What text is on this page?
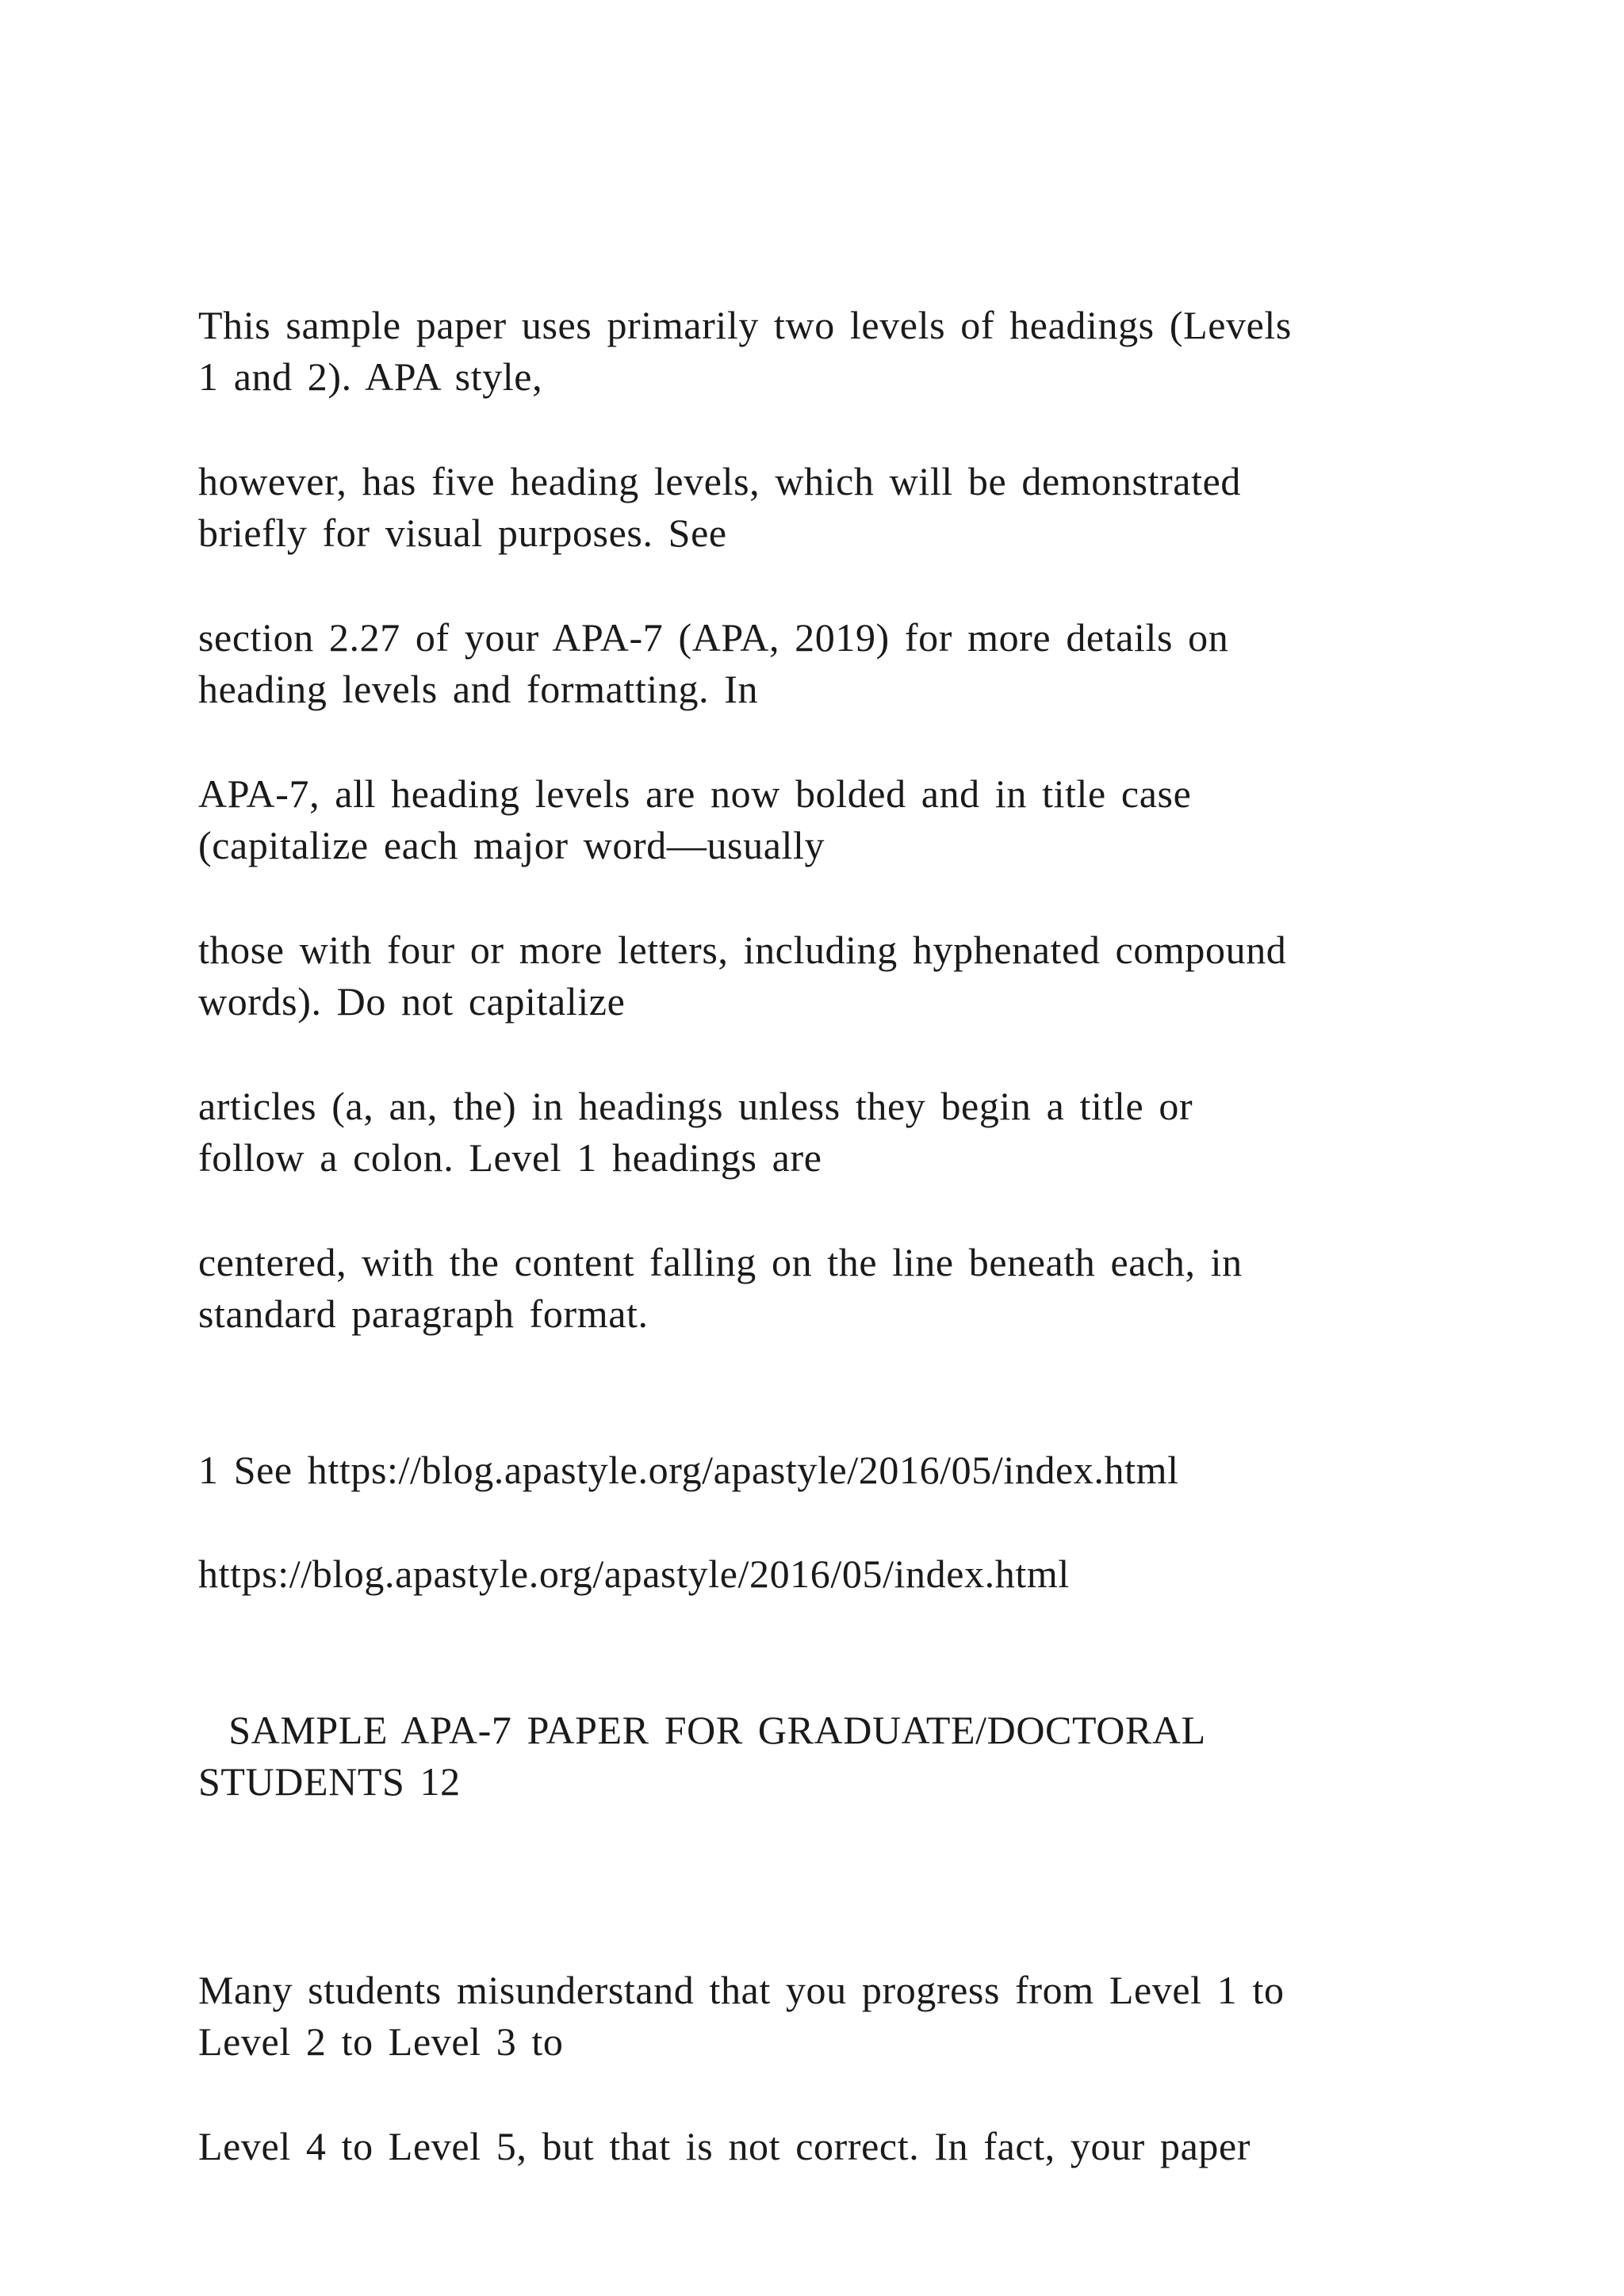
This sample paper uses primarily two levels of headings (Levels
1 and 2). APA style,

however, has five heading levels, which will be demonstrated
briefly for visual purposes. See

section 2.27 of your APA-7 (APA, 2019) for more details on
heading levels and formatting. In

APA-7, all heading levels are now bolded and in title case
(capitalize each major word—usually

those with four or more letters, including hyphenated compound
words). Do not capitalize

articles (a, an, the) in headings unless they begin a title or
follow a colon. Level 1 headings are

centered, with the content falling on the line beneath each, in
standard paragraph format.

1 See https://blog.apastyle.org/apastyle/2016/05/index.html

https://blog.apastyle.org/apastyle/2016/05/index.html

SAMPLE APA-7 PAPER FOR GRADUATE/DOCTORAL
STUDENTS 12

Many students misunderstand that you progress from Level 1 to
Level 2 to Level 3 to

Level 4 to Level 5, but that is not correct. In fact, your paper
